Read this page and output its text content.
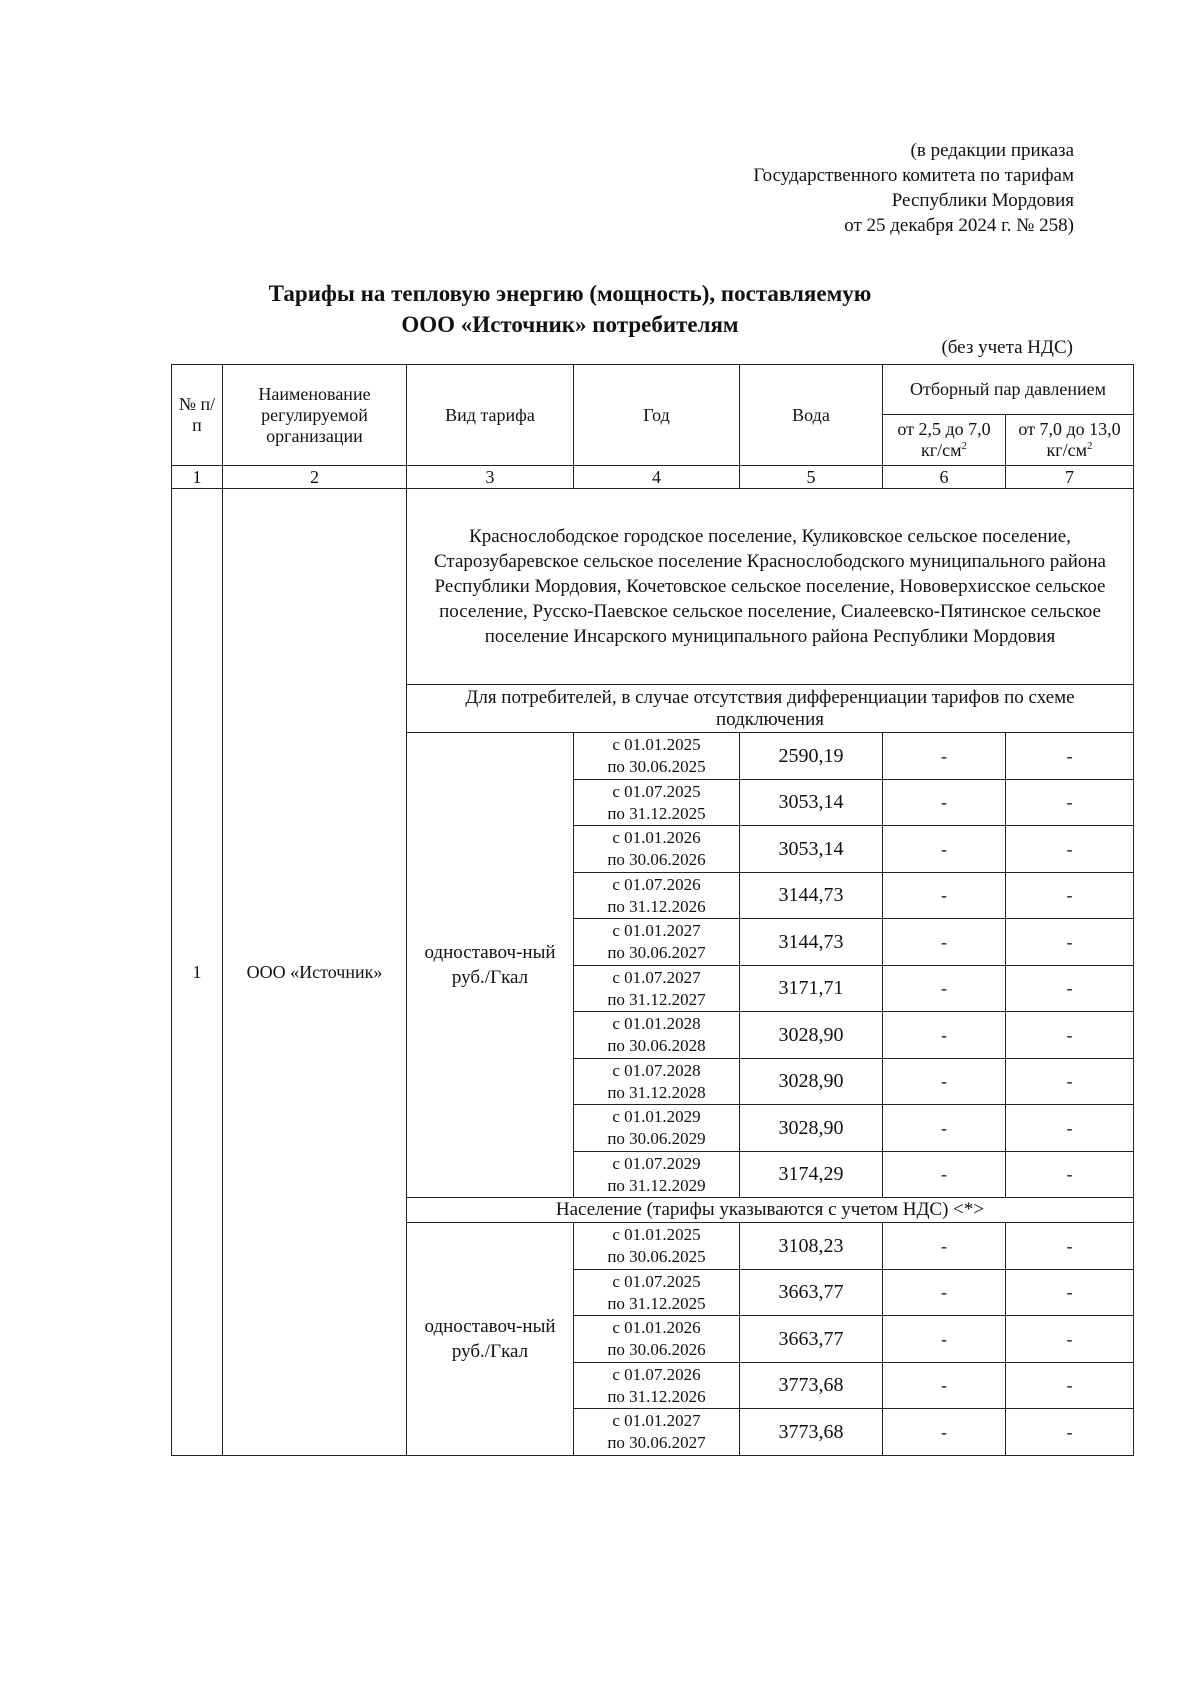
(в редакции приказа
Государственного комитета по тарифам
Республики Мордовия
от 25 декабря 2024 г. № 258)
Тарифы на тепловую энергию (мощность), поставляемую
ООО «Источник» потребителям
(без учета НДС)
№ п/п	Наименование регулируемой организации	Вид тарифа	Год	Вода	Отборный пар давлением	
					от 2,5 до 7,0 $кг/см^2$	от 7,0 до 13,0 $кг/см^2$
1	2	3	4	5	6	7
1	ООО «Источник»	Краснослободское городское поселение, Куликовское сельское поселение, Старозубаревское сельское поселение Краснослободского муниципального района Республики Мордовия, Кочетовское сельское поселение, Нововерхисское сельское поселение, Русско-Паевское сельское поселение, Сиалеевско-Пятинское сельское поселение Инсарского муниципального района Республики Мордовия				
		Для потребителей, в случае отсутствия дифференциации тарифов по схеме подключения				
		одноставоч-ный руб./Гкал	с 01.01.2025
по 30.06.2025	2590,19	-	-

			с 01.07.2025
по 31.12.2025	3053,14	-	-

			с 01.01.2026
по 30.06.2026	3053,14	-	-

			с 01.07.2026
по 31.12.2026	3144,73	-	-

			с 01.01.2027
по 30.06.2027	3144,73	-	-

			с 01.07.2027
по 31.12.2027	3171,71	-	-

			с 01.01.2028
по 30.06.2028	3028,90	-	-

			с 01.07.2028
по 31.12.2028	3028,90	-	-

			с 01.01.2029
по 30.06.2029	3028,90	-	-

			с 01.07.2029
по 31.12.2029	3174,29	-	-
		Население (тарифы указываются с учетом НДС) <*>				
		одноставоч-ный руб./Гкал	с 01.01.2025
по 30.06.2025	3108,23	-	-

			с 01.07.2025
по 31.12.2025	3663,77	-	-

			с 01.01.2026
по 30.06.2026	3663,77	-	-

			с 01.07.2026
по 31.12.2026	3773,68	-	-

			с 01.01.2027
по 30.06.2027	3773,68	-	-
